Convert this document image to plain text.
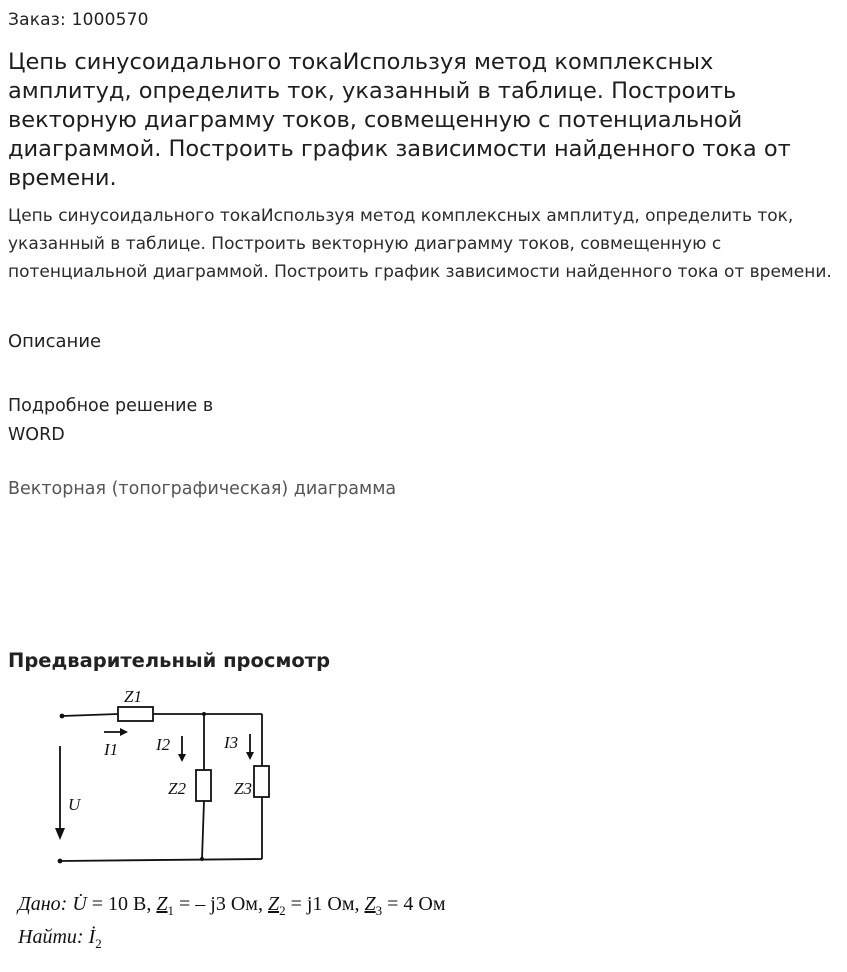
Заказ: 1000570
Цепь синусоидального токаИспользуя метод комплексных амплитуд, определить ток, указанный в таблице. Построить векторную диаграмму токов, совмещенную с потенциальной диаграммой. Построить график зависимости найденного тока от времени.
Цепь синусоидального токаИспользуя метод комплексных амплитуд, определить ток, указанный в таблице. Построить векторную диаграмму токов, совмещенную с потенциальной диаграммой. Построить график зависимости найденного тока от времени.
Описание
Подробное решение в WORD
Векторная (топографическая) диаграмма
Предварительный просмотр
Z1
I1 I2	I3
Z2	Z3
U
Дано: U̇ = 10 В, $Z_1$ = – j3 Ом, $Z_2 = j1$ Ом, $Z_3 = 4$ Ом
Найти: $İ_2$
